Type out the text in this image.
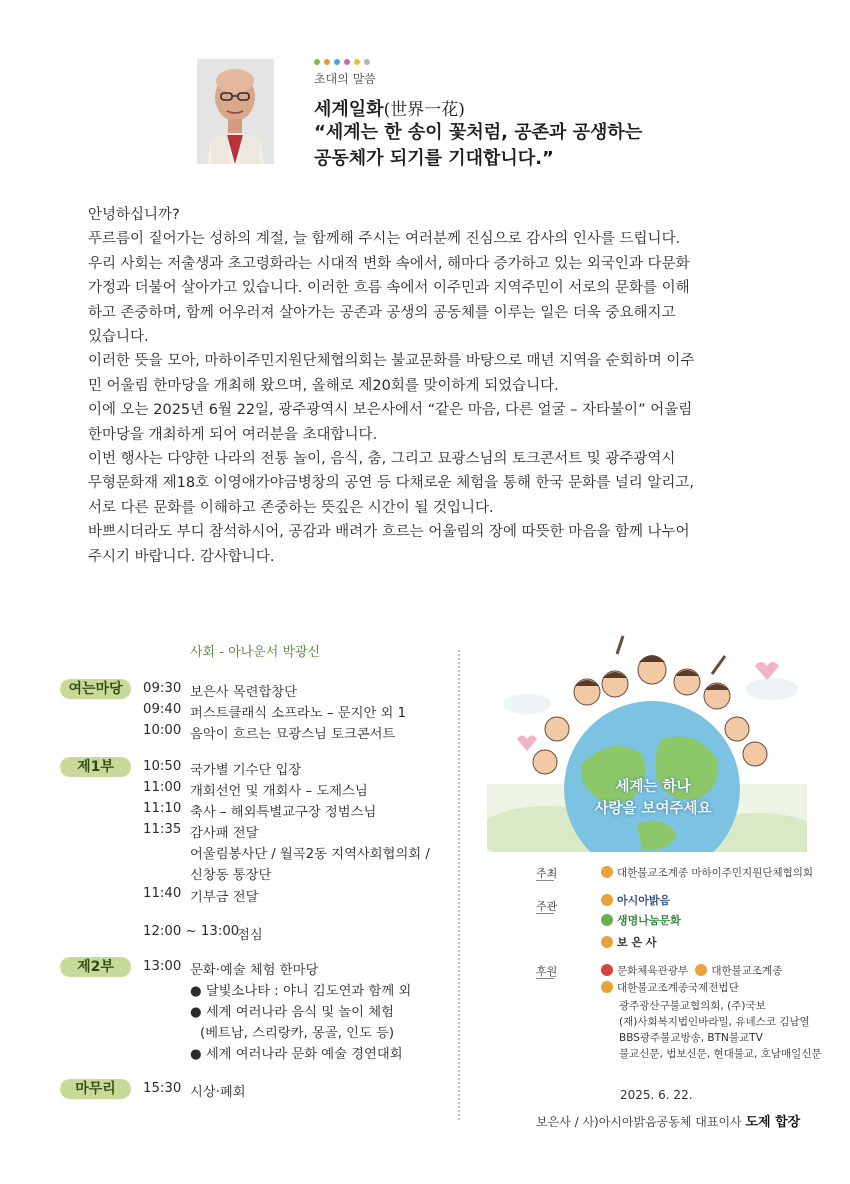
초대의 말씀
세계일화(世界一花)
“세계는 한 송이 꽃처럼, 공존과 공생하는
공동체가 되기를 기대합니다.”

안녕하십니까?

푸르름이 짙어가는 성하의 계절, 늘 함께해 주시는 여러분께 진심으로 감사의 인사를 드립니다.

우리 사회는 저출생과 초고령화라는 시대적 변화 속에서, 해마다 증가하고 있는 외국인과 다문화

가정과 더불어 살아가고 있습니다. 이러한 흐름 속에서 이주민과 지역주민이 서로의 문화를 이해

하고 존중하며, 함께 어우러져 살아가는 공존과 공생의 공동체를 이루는 일은 더욱 중요해지고

있습니다.

이러한 뜻을 모아, 마하이주민지원단체협의회는 불교문화를 바탕으로 매년 지역을 순회하며 이주

민 어울림 한마당을 개최해 왔으며, 올해로 제20회를 맞이하게 되었습니다.

이에 오는 2025년 6월 22일, 광주광역시 보은사에서 “같은 마음, 다른 얼굴 – 자타불이” 어울림

한마당을 개최하게 되어 여러분을 초대합니다.

이번 행사는 다양한 나라의 전통 놀이, 음식, 춤, 그리고 묘광스님의 토크콘서트 및 광주광역시

무형문화재 제18호 이영애가야금병창의 공연 등 다채로운 체험을 통해 한국 문화를 널리 알리고,

서로 다른 문화를 이해하고 존중하는 뜻깊은 시간이 될 것입니다.

바쁘시더라도 부디 참석하시어, 공감과 배려가 흐르는 어울림의 장에 따뜻한 마음을 함께 나누어

주시기 바랍니다. 감사합니다.

사회 - 아나운서 박광신
여는마당	09:30 보은사 목련합창단
09:40 퍼스트클래식 소프라노 – 문지안 외 1
10:00 음악이 흐르는 묘광스님 토크콘서트
제1부	10:50 국가별 기수단 입장
11:00 개회선언 및 개회사 – 도제스님
11:10 축사 – 해외특별교구장 정범스님
11:35 감사패 전달
어울림봉사단 / 월곡2동 지역사회협의회 /
신창동 통장단
11:40 기부금 전달
12:00 ~ 13:00
점심
제2부	13:00 문화·예술 체험 한마당
● 달빛소나타 : 야니 김도연과 함께 외
● 세계 여러나라 음식 및 놀이 체험
(베트남, 스리랑카, 몽골, 인도 등)
● 세계 여러나라 문화 예술 경연대회
마무리	15:30 시상·폐회
세계는 하나
사랑을 보여주세요
주최	대한불교조계종 마하이주민지원단체협의회
주관	아시아밝음
생명나눔문화
보 은 사
후원	문화체육관광부 대한불교조계종
대한불교조계종국제전법단
광주광산구불교협의회, (주)국보
(재)사회복지법인바라밀, 유네스코 김남열
BBS광주불교방송, BTN불교TV
불교신문, 법보신문, 현대불교, 호남매일신문
2025. 6. 22.
보은사 / 사)아시아밝음공동체 대표이사 도제 합장
